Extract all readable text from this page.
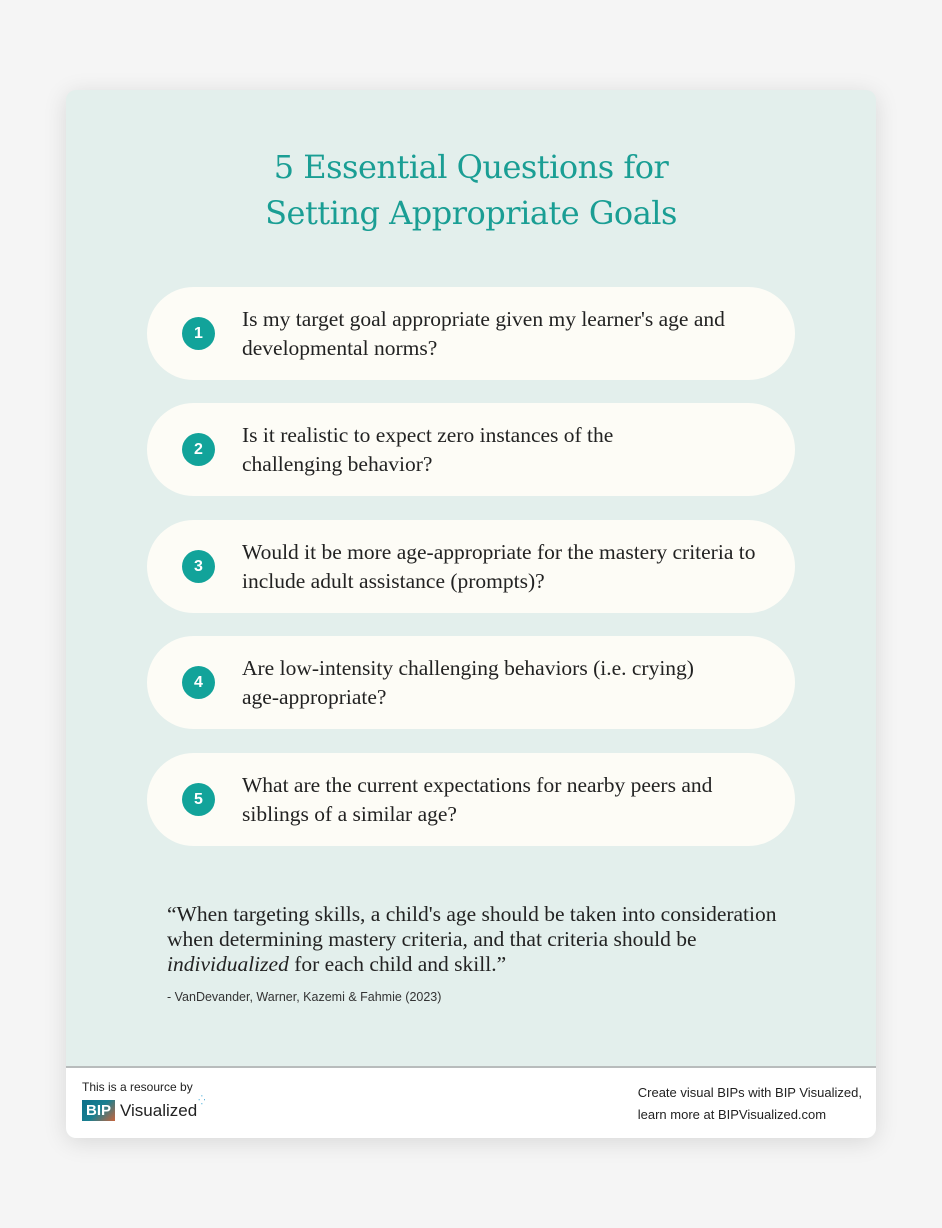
5 Essential Questions for
Setting Appropriate Goals
1
Is my target goal appropriate given my learner's age and developmental norms?
2
Is it realistic to expect zero instances of the challenging behavior?
3
Would it be more age-appropriate for the mastery criteria to include adult assistance (prompts)?
4
Are low-intensity challenging behaviors (i.e. crying) age-appropriate?
5
What are the current expectations for nearby peers and siblings of a similar age?
“When targeting skills, a child's age should be taken into consideration when determining mastery criteria, and that criteria should be individualized for each child and skill.”
- VanDevander, Warner, Kazemi & Fahmie (2023)
This is a resource by
BIP Visualized
⁛	Create visual BIPs with BIP Visualized,
learn more at BIPVisualized.com
